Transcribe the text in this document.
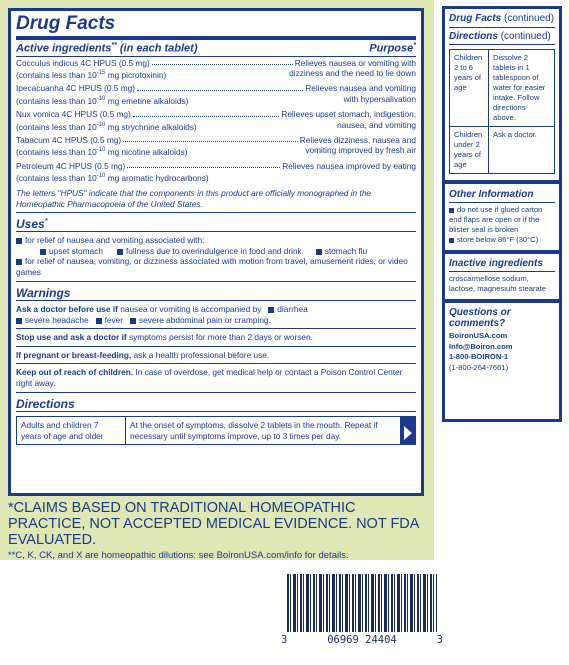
Drug Facts
Active ingredients** (in each tablet)	Purpose*
Cocculus indicus 4C HPUS (0.5 mg)	Relieves nausea or vomiting with
(contains less than $10^{-15}$ mg picrotoxinin)	dizziness and the need to lie down
Ipecacuanha 4C HPUS (0.5 mg)	Relieves nausea and vomiting
(contains less than $10^{-10}$ mg emetine alkaloids)	with hypersalivation
Nux vomica 4C HPUS (0.5 mg)	Relieves upset stomach, indigestion,
(contains less than $10^{-10}$ mg strychnine alkaloids)	nausea, and vomiting
Tabacum 4C HPUS (0.5 mg)	Relieves dizziness, nausea and
(contains less than $10^{-10}$ mg nicotine alkaloids)	vomiting improved by fresh air
Petroleum 4C HPUS (0.5 mg)	Relieves nausea improved by eating
(contains less than $10^{-10}$ mg aromatic hydrocarbons)
The letters "HPUS" indicate that the components in this product are officially monographed in the Homeopathic Pharmacopoeia of the United States.
Uses*
for relief of nausea and vomiting associated with:
upset stomach	fullness due to overindulgence in food and drink	stomach flu
for relief of nausea, vomiting, or dizziness associated with motion from travel, amusement rides, or video games
Warnings
Ask a doctor before use if nausea or vomiting is accompanied by diarrhea
severe headache fever severe abdominal pain or cramping.
Stop use and ask a doctor if symptoms persist for more than 2 days or worsen.
If pregnant or breast-feeding, ask a health professional before use.
Keep out of reach of children. In case of overdose, get medical help or contact a Poison Control Center right away.
Directions
Adults and children 7 years of age and older	At the onset of symptoms, dissolve 2 tablets in the mouth. Repeat if necessary until symptoms improve, up to 3 times per day.
Drug Facts (continued)
Directions (continued)
Children 2 to 6 years of age	Dissolve 2 tablets in 1 tablespoon of water for easier intake. Follow directions above.
Children under 2 years of age	Ask a doctor.
Other Information
do not use if glued carton end flaps are open or if the blister seal is broken
store below 86°F (30°C)
Inactive ingredients
croscarmellose sodium, lactose, magnesium stearate
Questions or comments?
BoironUSA.com
Info@Boiron.com
1-800-BOIRON-1
(1-800-264-7661)
*CLAIMS BASED ON TRADITIONAL HOMEOPATHIC PRACTICE, NOT ACCEPTED MEDICAL EVIDENCE. NOT FDA EVALUATED.
**C, K, CK, and X are homeopathic dilutions: see BoironUSA.com/info for details.
3	06969 24404	3
